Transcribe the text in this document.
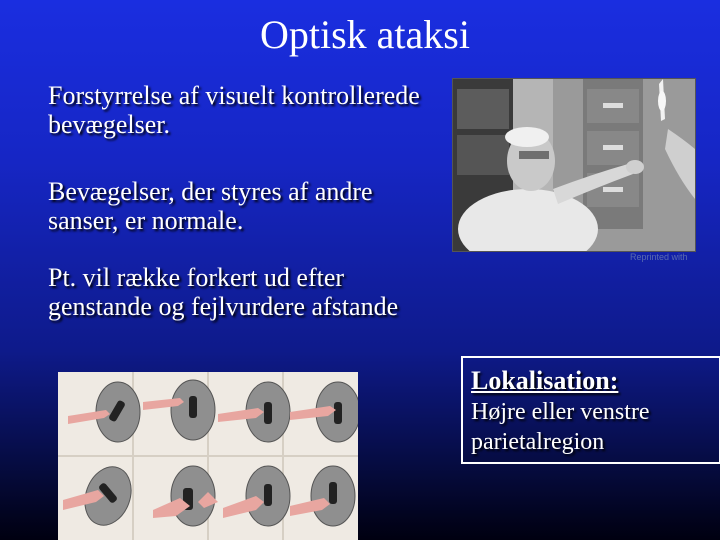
Optisk ataksi
Forstyrrelse af visuelt kontrollerede bevægelser.
Bevægelser, der styres af andre sanser, er normale.
Pt. vil række forkert ud efter genstande og fejlvurdere afstande
Reprinted with
Lokalisation:
Højre eller venstre parietalregion
